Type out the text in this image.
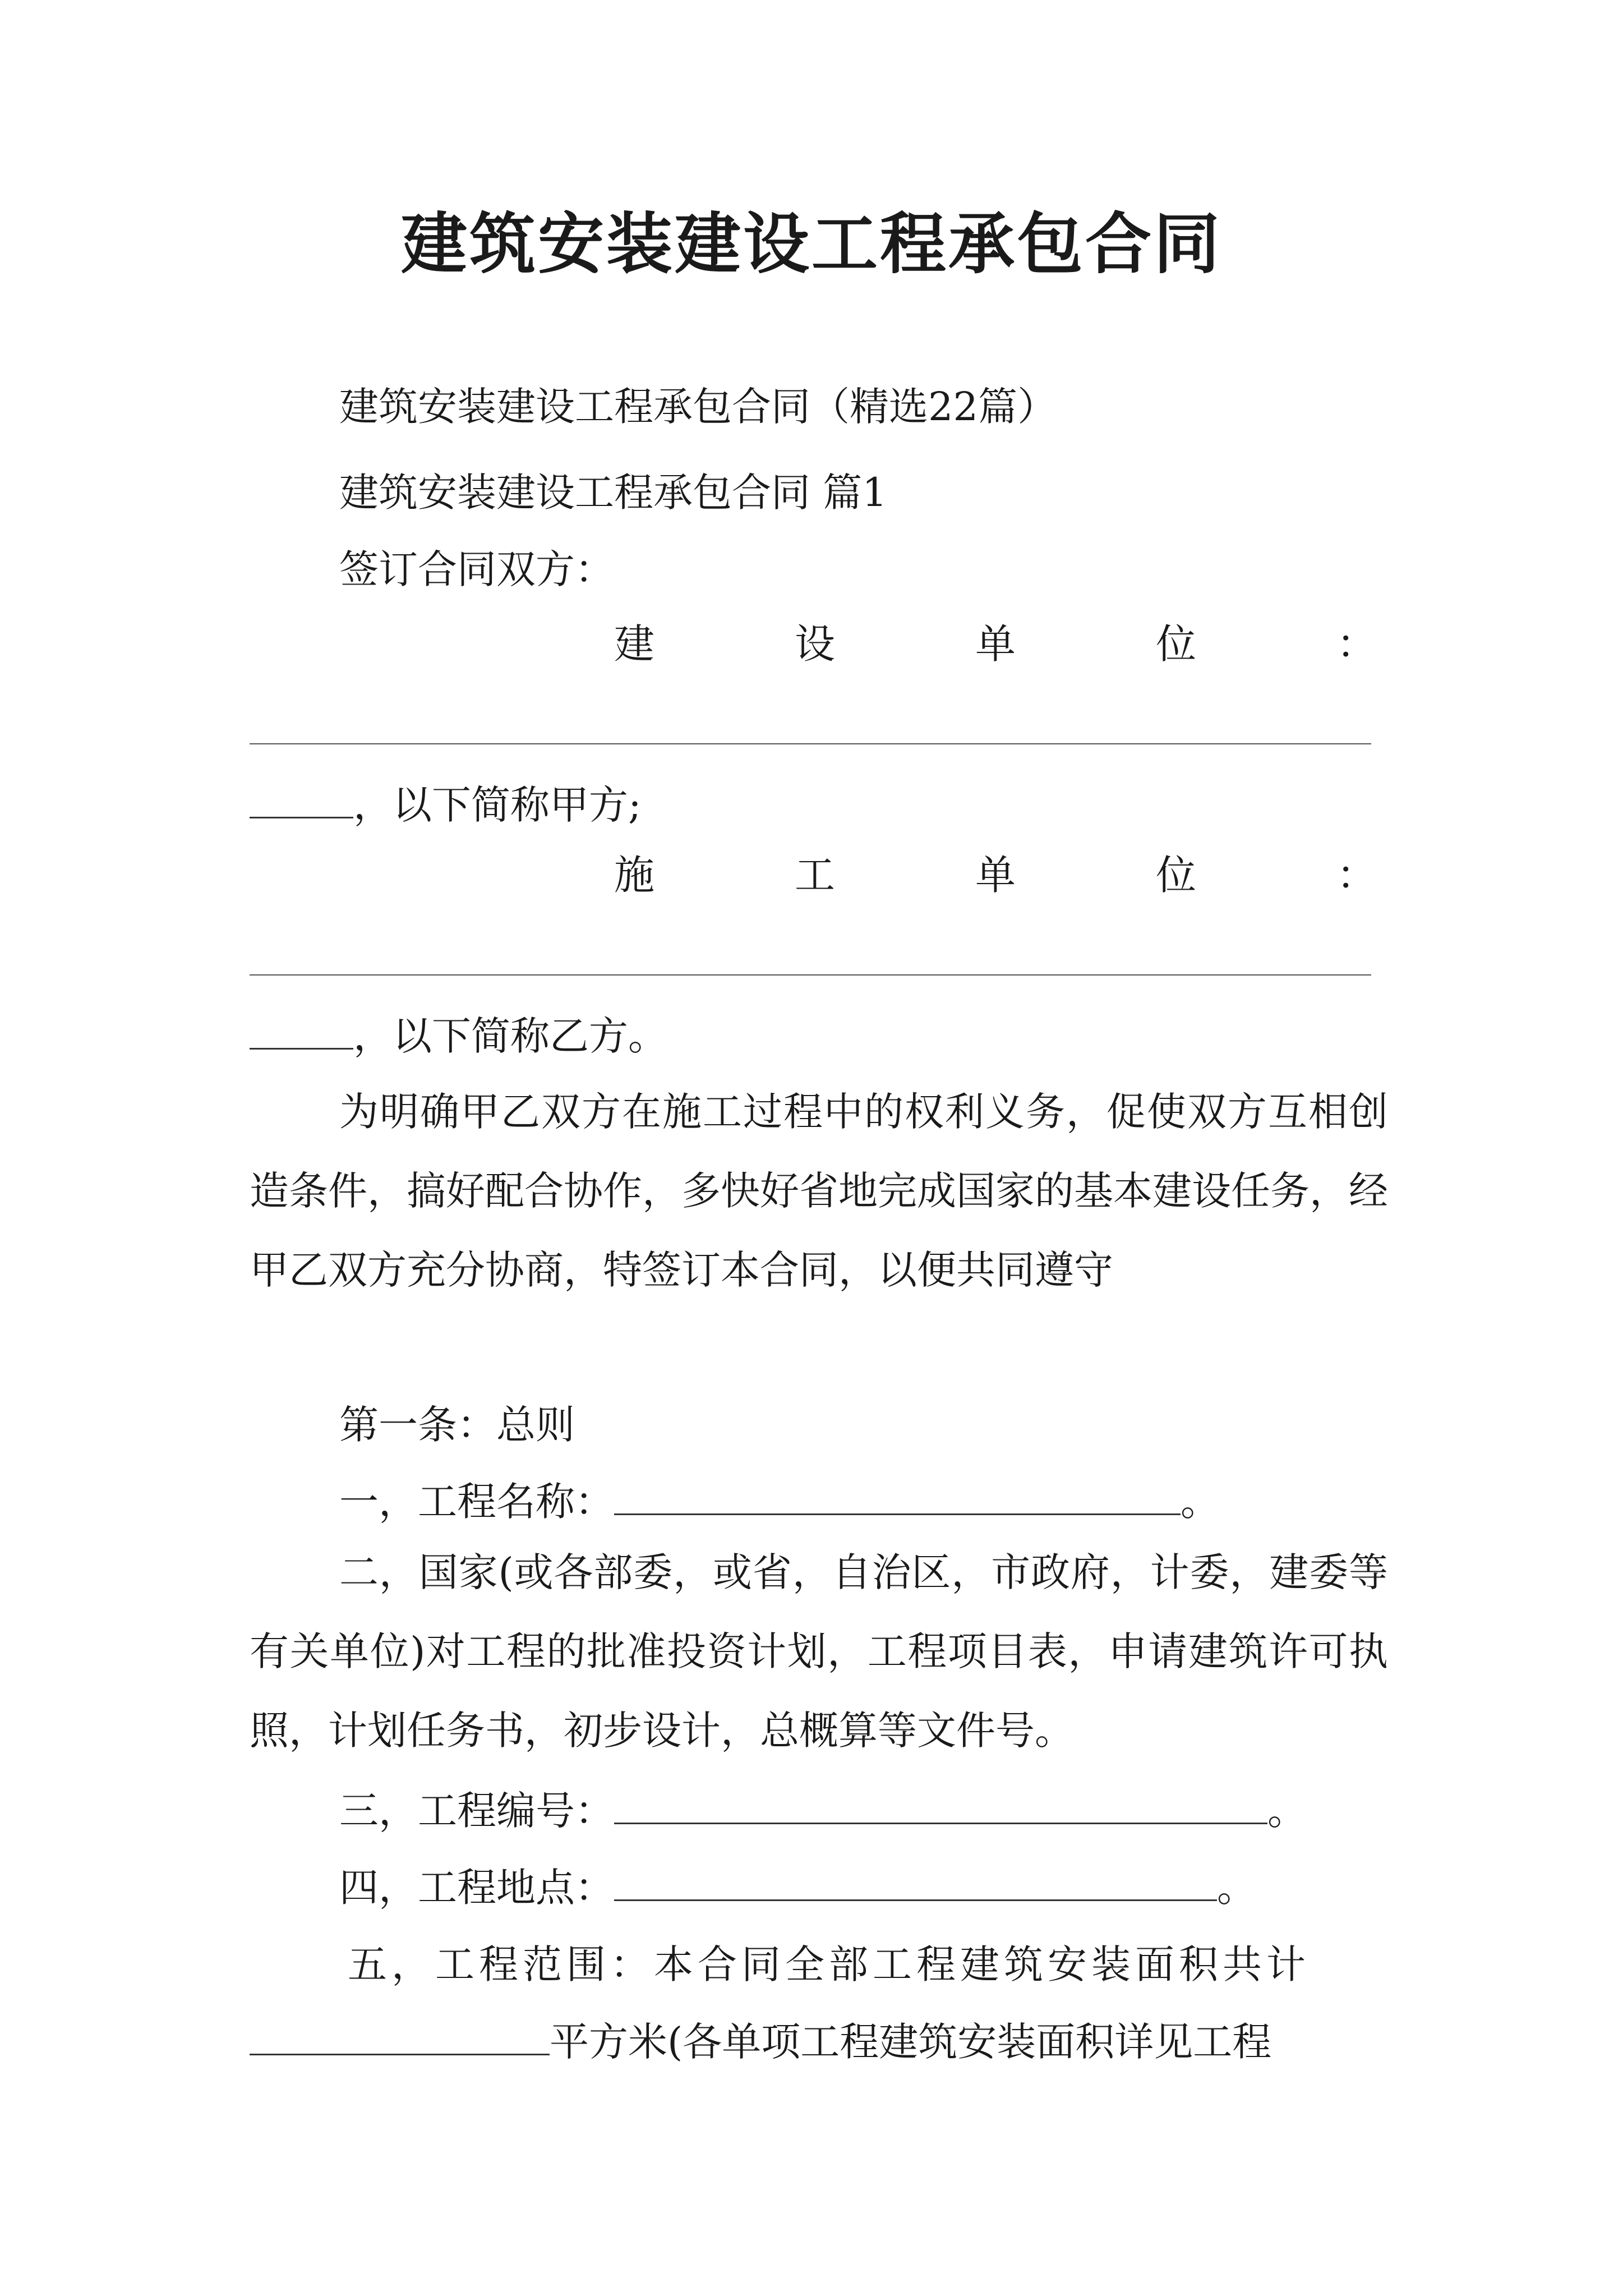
建筑安装建设工程承包合同
建筑安装建设工程承包合同（精选22篇）
建筑安装建设工程承包合同 篇1
签订合同双方：
建	设	单	位	：
，以下简称甲方;
施	工	单	位	：
，以下简称乙方。

为明确甲乙双方在施工过程中的权利义务，促使双方互相创造条件，搞好配合协作，多快好省地完成国家的基本建设任务，经甲乙双方充分协商，特签订本合同，以便共同遵守

第一条：总则
一，工程名称：	。

二，国家(或各部委，或省，自治区，市政府，计委，建委等有关单位)对工程的批准投资计划，工程项目表，申请建筑许可执照，计划任务书，初步设计，总概算等文件号。

三，工程编号：	。
四，工程地点：	。
五，工程范围：本合同全部工程建筑安装面积共计
平方米(各单项工程建筑安装面积详见工程
